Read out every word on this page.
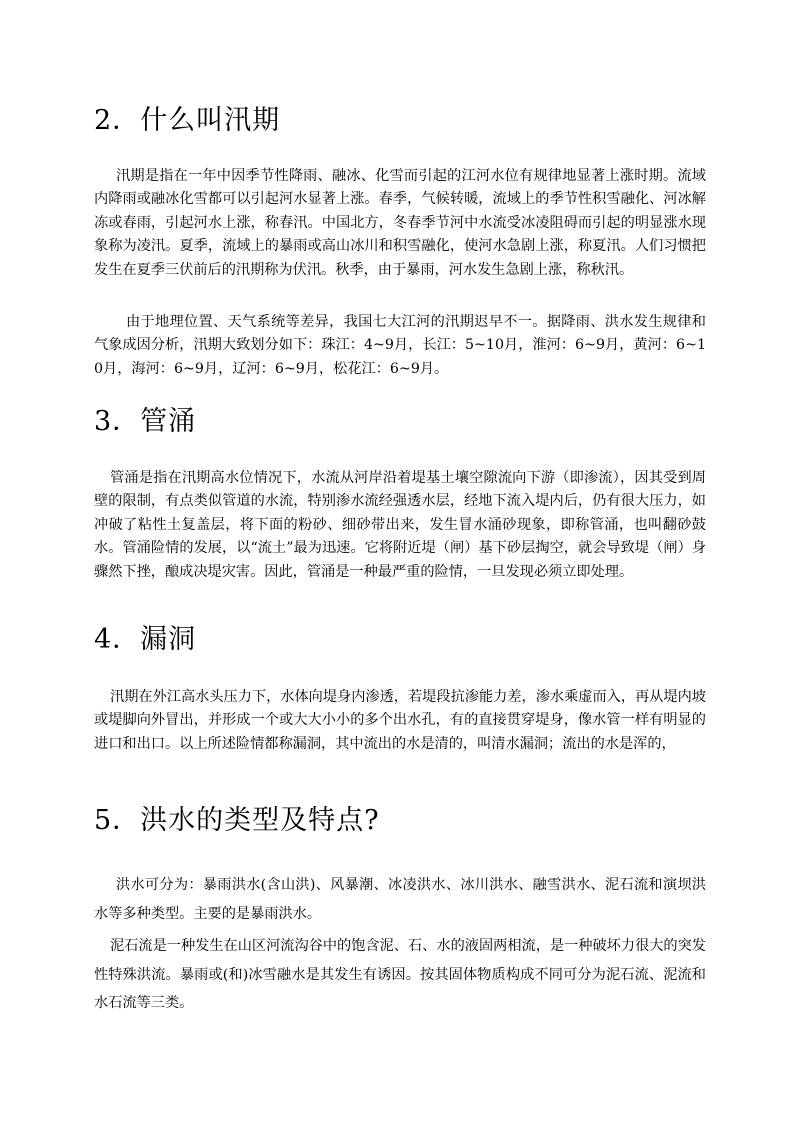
2．什么叫汛期

汛期是指在一年中因季节性降雨、融冰、化雪而引起的江河水位有规律地显著上涨时期。流域内降雨或融冰化雪都可以引起河水显著上涨。春季，气候转暖，流域上的季节性积雪融化、河冰解冻或春雨，引起河水上涨，称春汛。中国北方，冬春季节河中水流受冰凌阻碍而引起的明显涨水现象称为凌汛。夏季，流域上的暴雨或高山冰川和积雪融化，使河水急剧上涨，称夏汛。人们习惯把发生在夏季三伏前后的汛期称为伏汛。秋季，由于暴雨，河水发生急剧上涨，称秋汛。

由于地理位置、天气系统等差异，我国七大江河的汛期迟早不一。据降雨、洪水发生规律和气象成因分析，汛期大致划分如下：珠江：4~9月，长江：5~10月，淮河：6~9月，黄河：6~10月，海河：6~9月，辽河：6~9月，松花江：6~9月。

3．管涌

管涌是指在汛期高水位情况下，水流从河岸沿着堤基土壤空隙流向下游（即渗流），因其受到周壁的限制，有点类似管道的水流，特别渗水流经强透水层，经地下流入堤内后，仍有很大压力，如冲破了粘性土复盖层，将下面的粉砂、细砂带出来，发生冒水涌砂现象，即称管涌，也叫翻砂鼓水。管涌险情的发展，以“流土”最为迅速。它将附近堤（闸）基下砂层掏空，就会导致堤（闸）身骤然下挫，酿成决堤灾害。因此，管涌是一种最严重的险情，一旦发现必须立即处理。

4．漏洞

汛期在外江高水头压力下，水体向堤身内渗透，若堤段抗渗能力差，渗水乘虚而入，再从堤内坡或堤脚向外冒出，并形成一个或大大小小的多个出水孔，有的直接贯穿堤身，像水管一样有明显的进口和出口。以上所述险情都称漏洞，其中流出的水是清的，叫清水漏洞；流出的水是浑的，

5．洪水的类型及特点?

洪水可分为：暴雨洪水(含山洪)、风暴潮、冰凌洪水、冰川洪水、融雪洪水、泥石流和演坝洪水等多种类型。主要的是暴雨洪水。

泥石流是一种发生在山区河流沟谷中的饱含泥、石、水的液固两相流，是一种破坏力很大的突发性特殊洪流。暴雨或(和)冰雪融水是其发生有诱因。按其固体物质构成不同可分为泥石流、泥流和水石流等三类。
